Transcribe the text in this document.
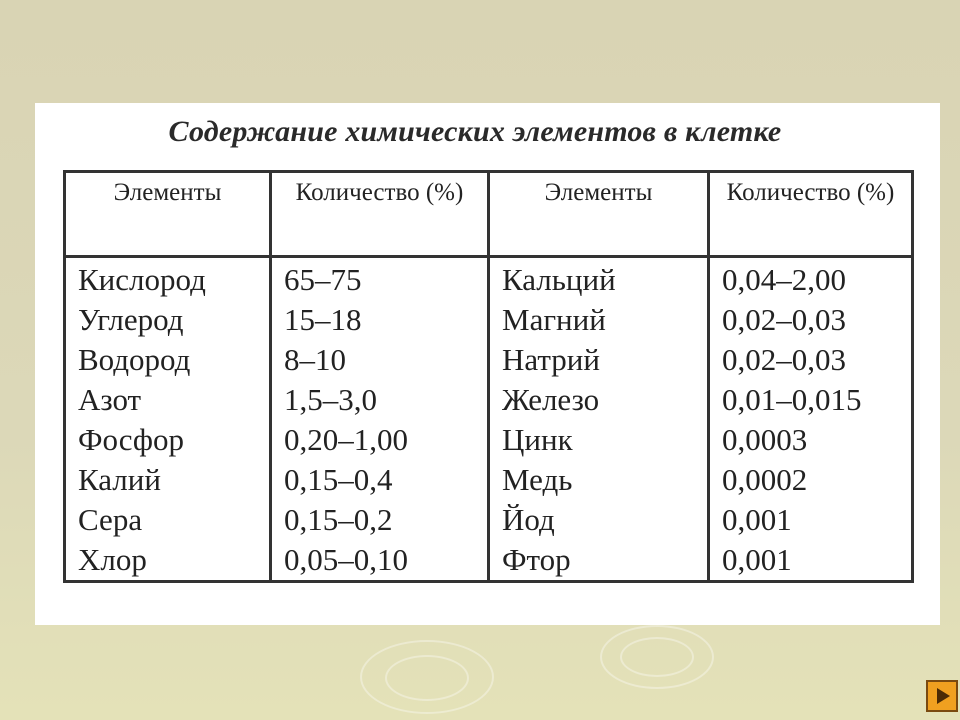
Содержание химических элементов в клетке
Элементы	Количество (%)	Элементы	Количество (%)
Кислород	65–75	Кальций	0,04–2,00
Углерод	15–18	Магний	0,02–0,03
Водород	8–10	Натрий	0,02–0,03
Азот	1,5–3,0	Железо	0,01–0,015
Фосфор	0,20–1,00	Цинк	0,0003
Калий	0,15–0,4	Медь	0,0002
Сера	0,15–0,2	Йод	0,001
Хлор	0,05–0,10	Фтор	0,001
